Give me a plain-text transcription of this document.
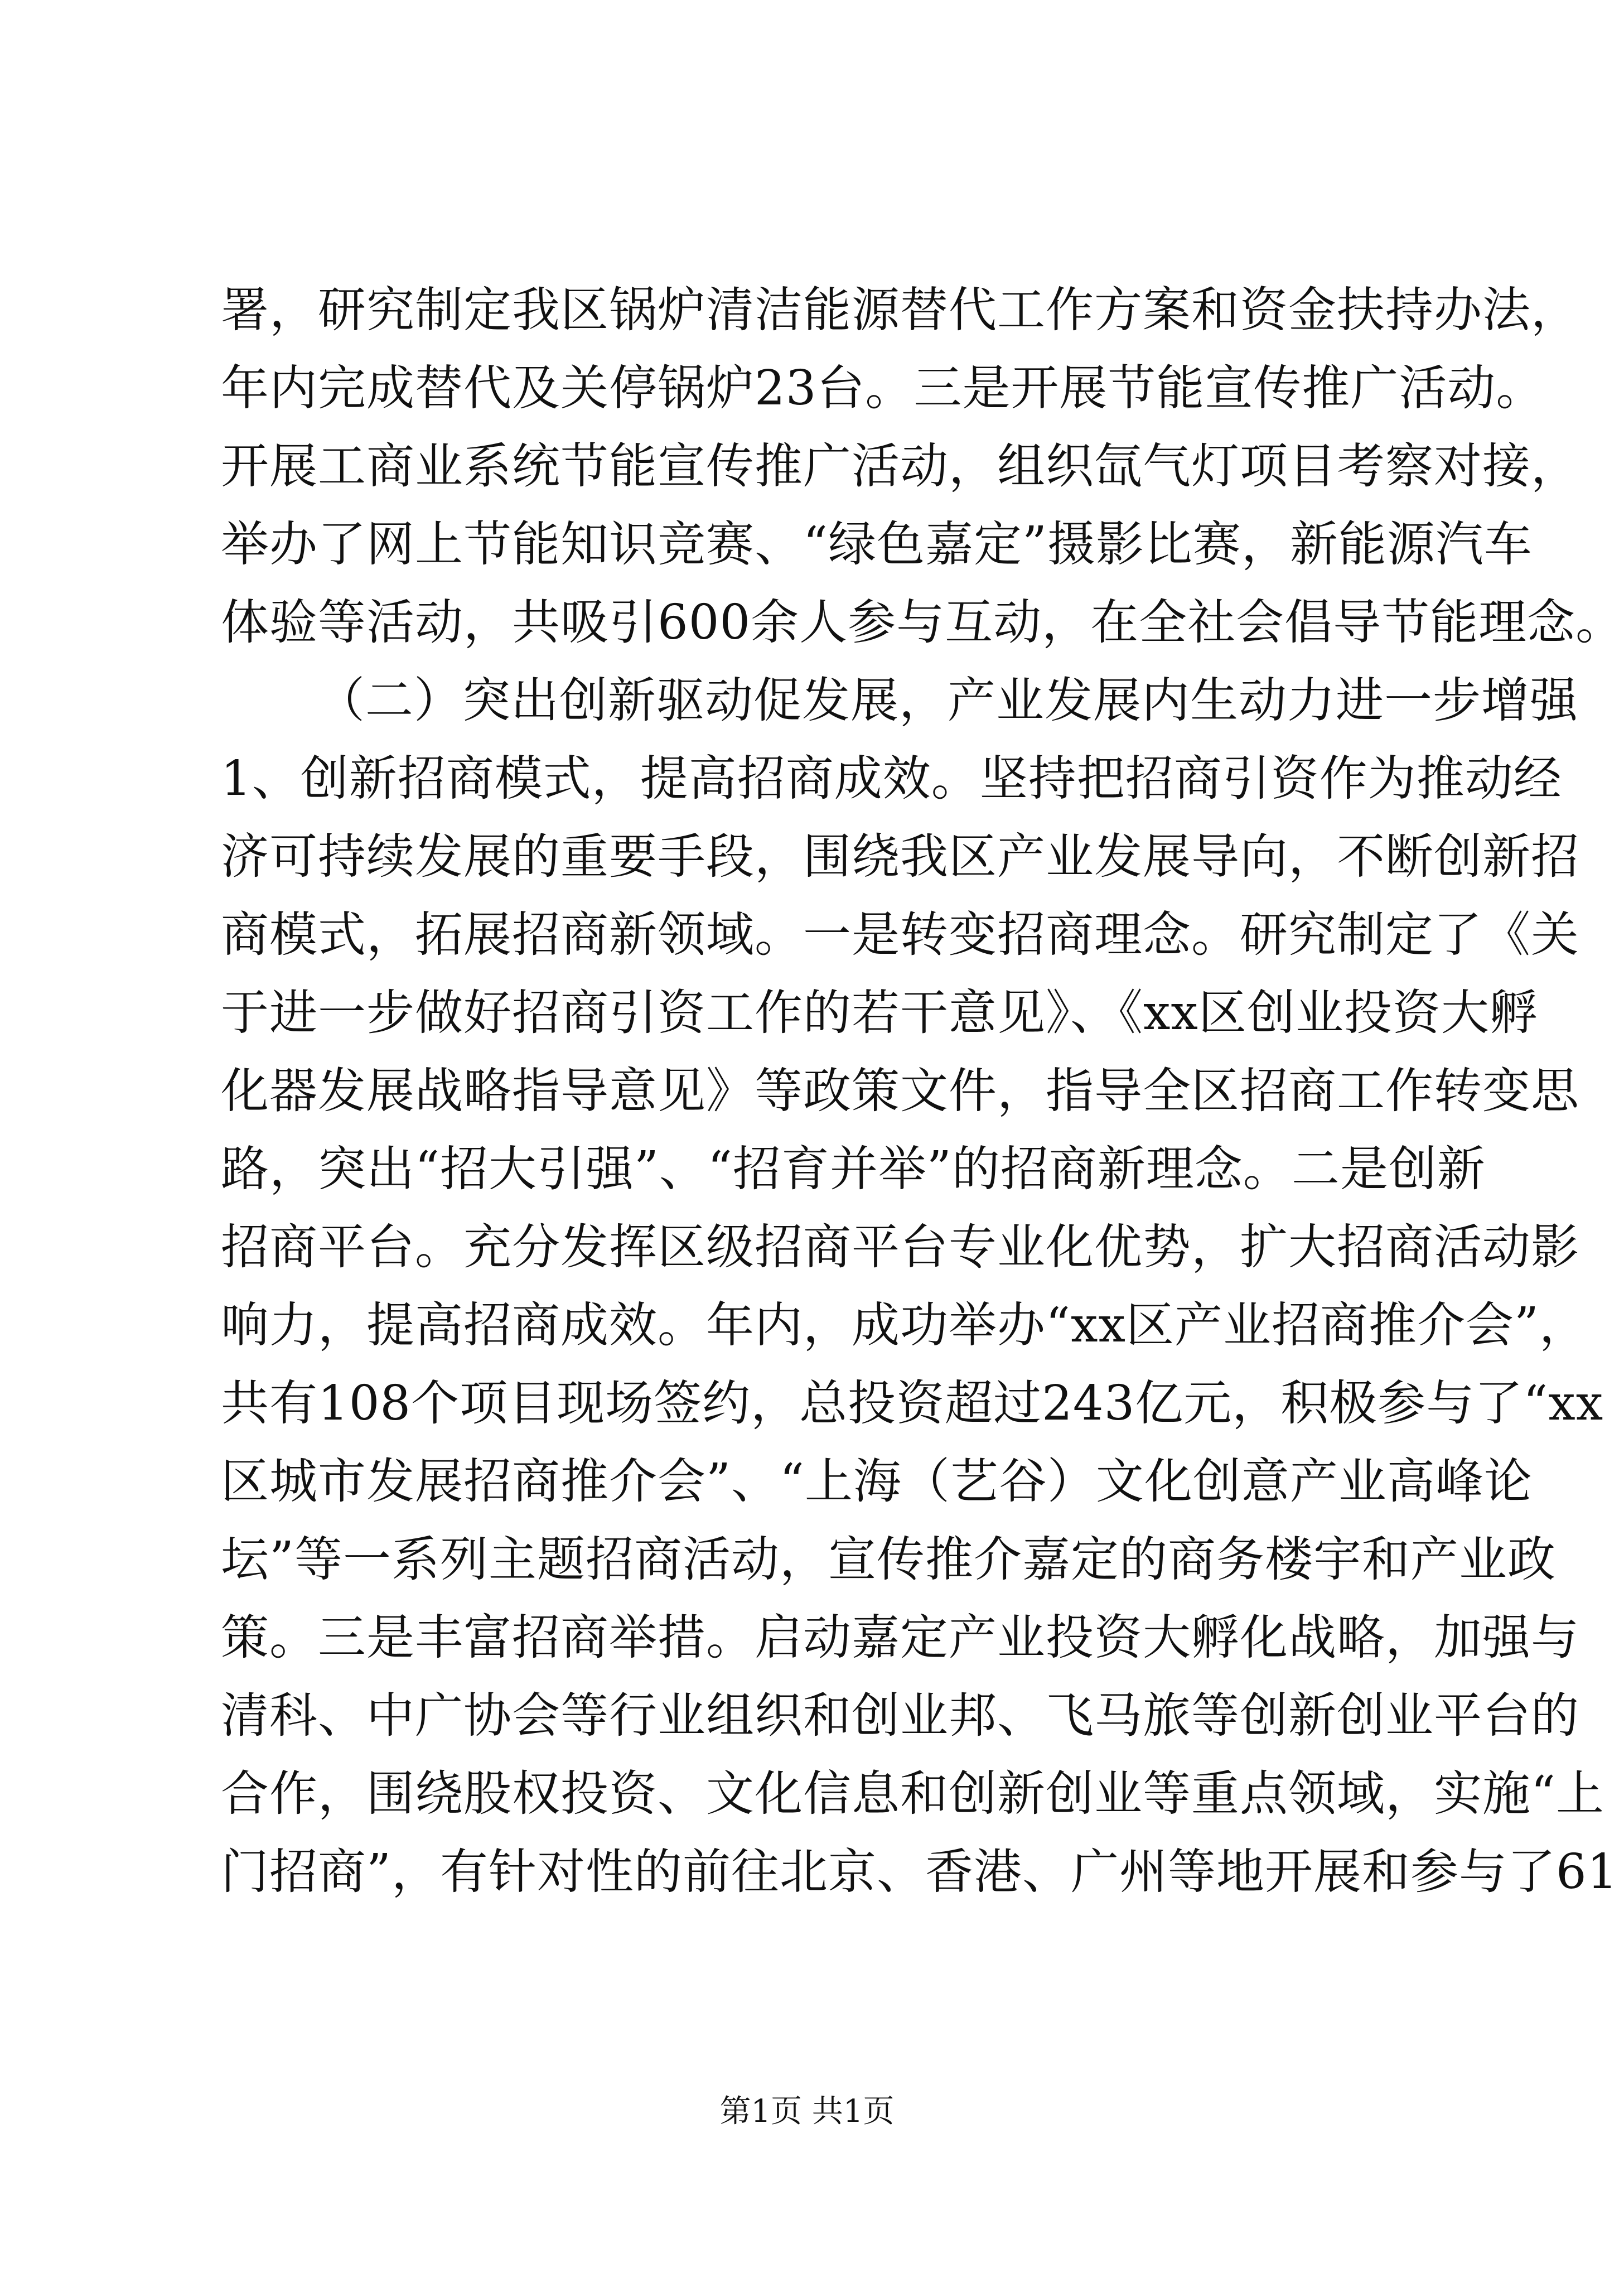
署，研究制定我区锅炉清洁能源替代工作方案和资金扶持办法，
年内完成替代及关停锅炉23台。三是开展节能宣传推广活动。
开展工商业系统节能宣传推广活动，组织氙气灯项目考察对接，
举办了网上节能知识竞赛、“绿色嘉定”摄影比赛，新能源汽车
体验等活动，共吸引600余人参与互动，在全社会倡导节能理念。
（二）突出创新驱动促发展，产业发展内生动力进一步增强
1、创新招商模式，提高招商成效。坚持把招商引资作为推动经
济可持续发展的重要手段，围绕我区产业发展导向，不断创新招
商模式，拓展招商新领域。一是转变招商理念。研究制定了《关
于进一步做好招商引资工作的若干意见》、《xx区创业投资大孵
化器发展战略指导意见》等政策文件，指导全区招商工作转变思
路，突出“招大引强”、“招育并举”的招商新理念。二是创新
招商平台。充分发挥区级招商平台专业化优势，扩大招商活动影
响力，提高招商成效。年内，成功举办“xx区产业招商推介会”，
共有108个项目现场签约，总投资超过243亿元，积极参与了“xx
区城市发展招商推介会”、“上海（艺谷）文化创意产业高峰论
坛”等一系列主题招商活动，宣传推介嘉定的商务楼宇和产业政
策。三是丰富招商举措。启动嘉定产业投资大孵化战略，加强与
清科、中广协会等行业组织和创业邦、飞马旅等创新创业平台的
合作，围绕股权投资、文化信息和创新创业等重点领域，实施“上
门招商”，有针对性的前往北京、香港、广州等地开展和参与了61
第1页 共1页
